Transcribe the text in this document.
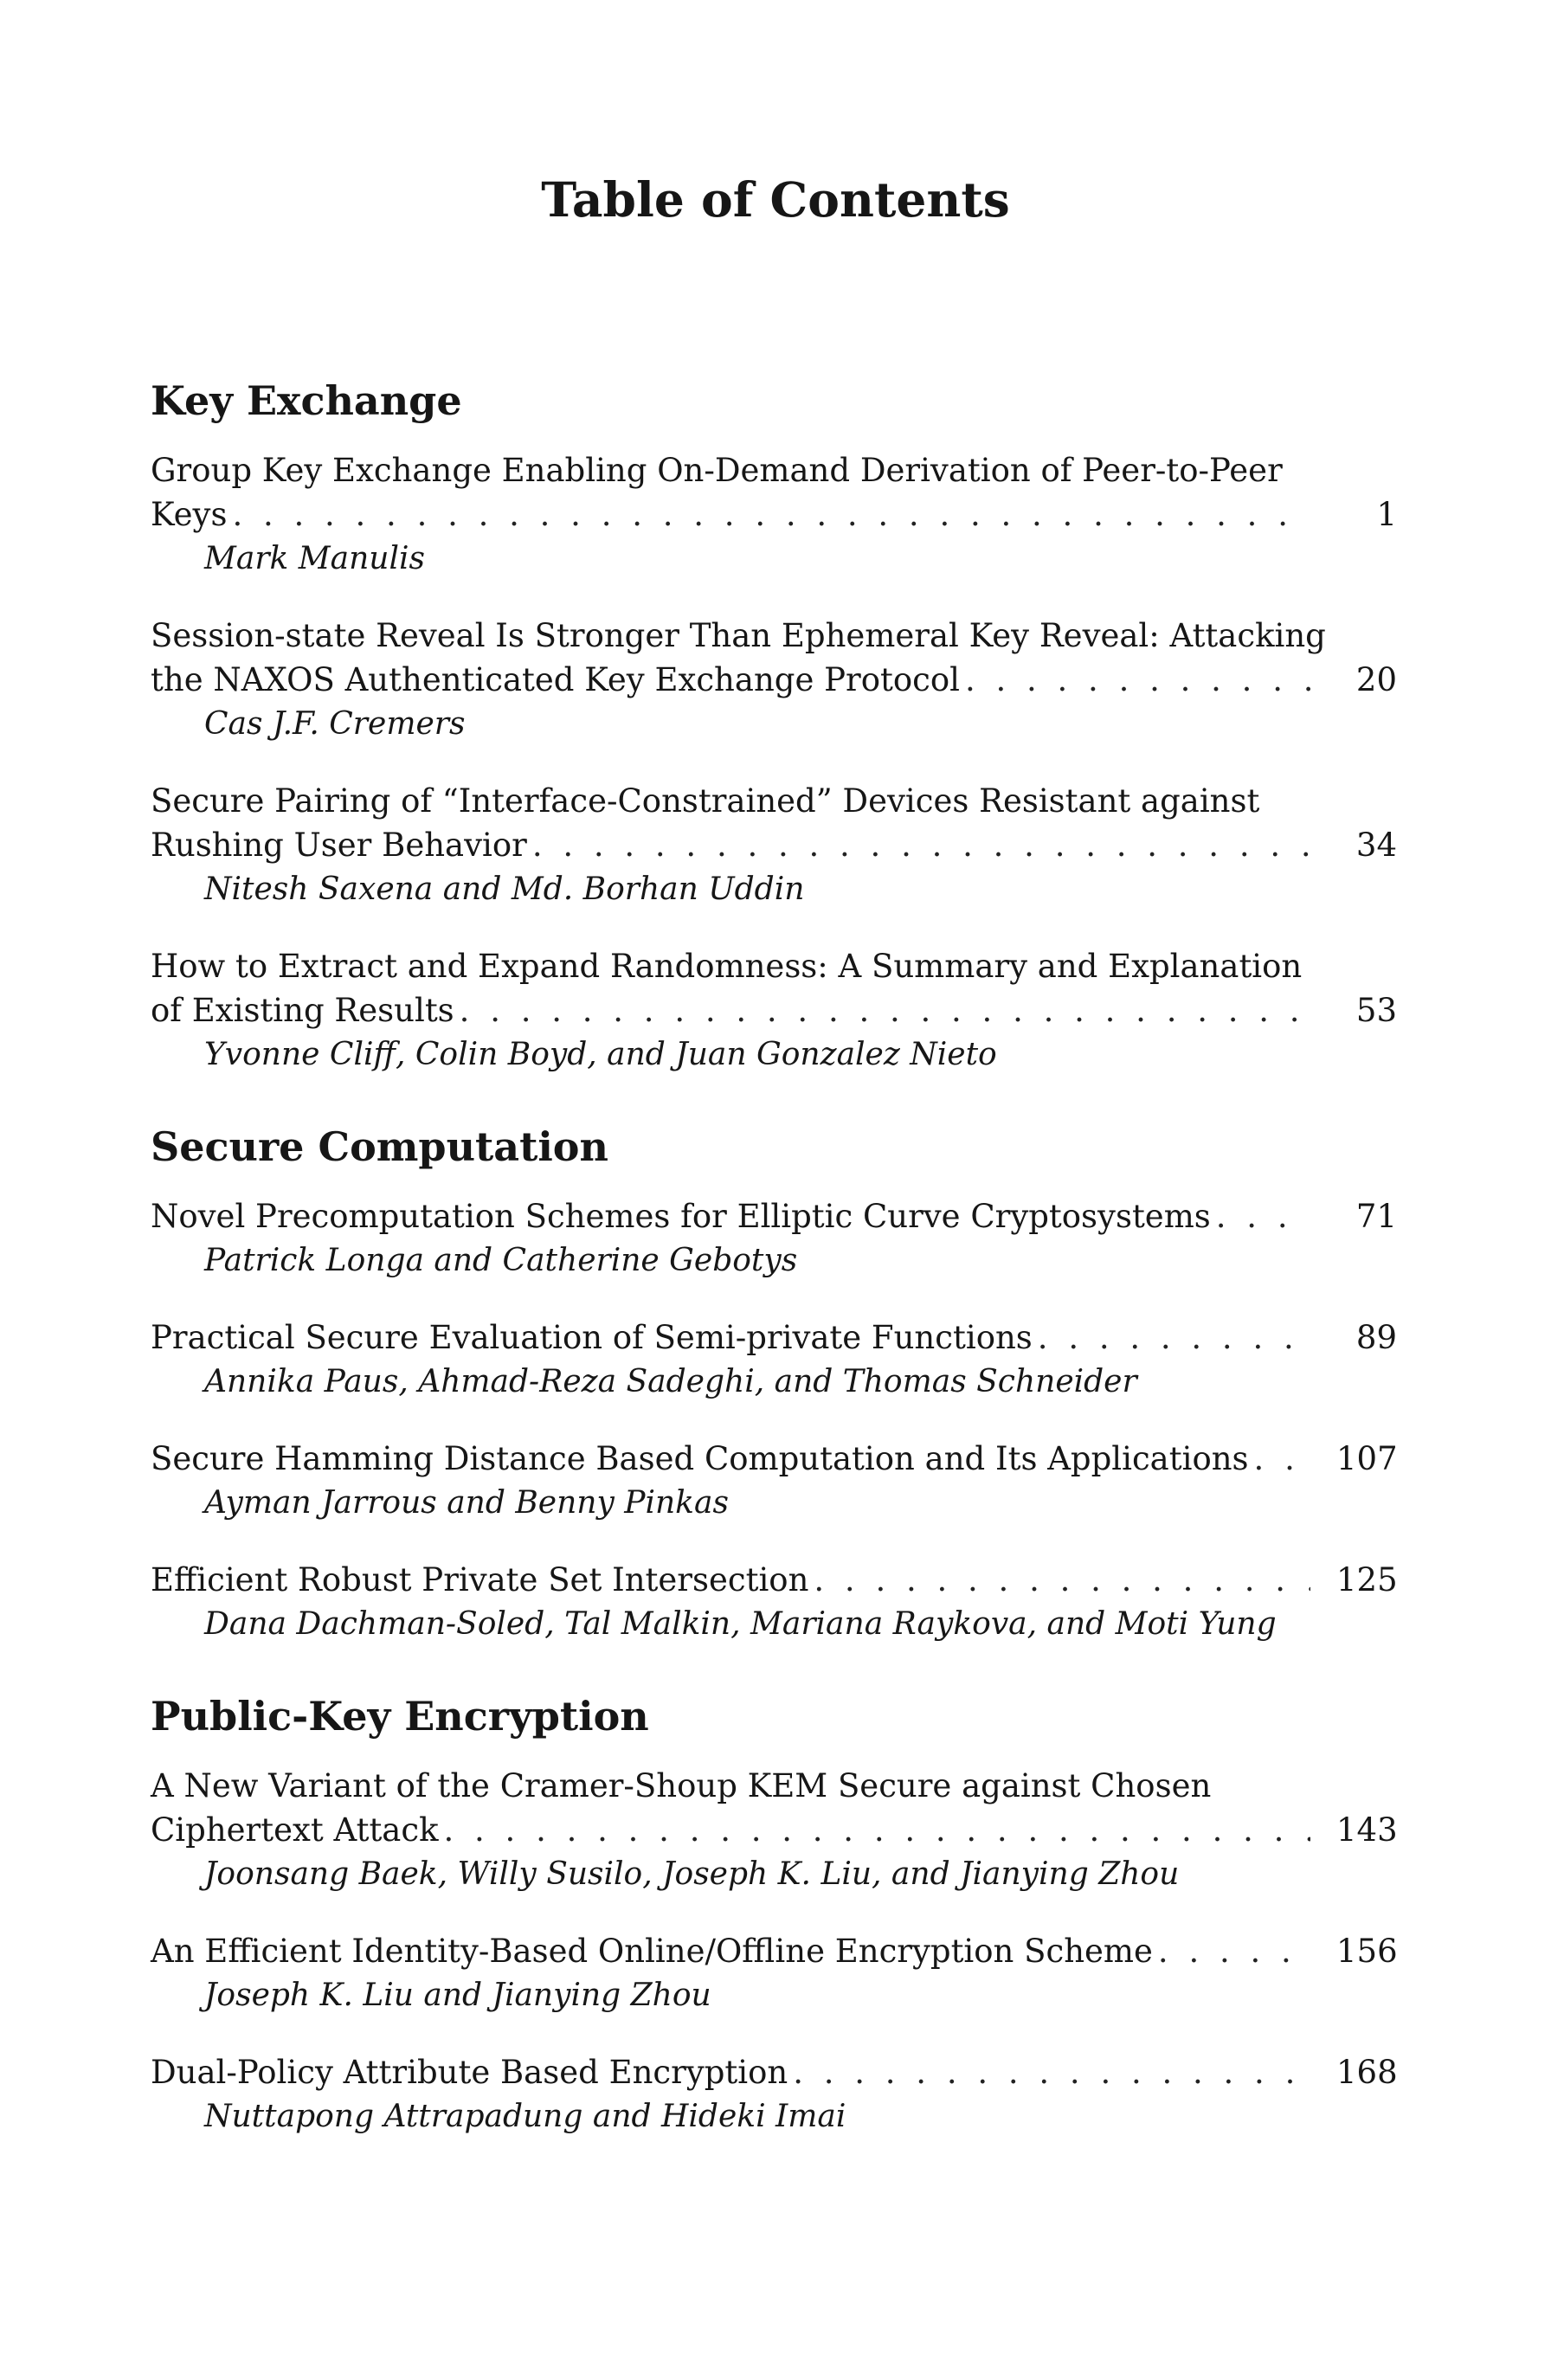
Table of Contents
Key Exchange
Group Key Exchange Enabling On-Demand Derivation of Peer-to-Peer
Keys . . .	1
Mark Manulis
Session-state Reveal Is Stronger Than Ephemeral Key Reveal: Attacking
the NAXOS Authenticated Key Exchange Protocol . . .	20
Cas J.F. Cremers
Secure Pairing of “Interface-Constrained” Devices Resistant against
Rushing User Behavior . . .	34
Nitesh Saxena and Md. Borhan Uddin
How to Extract and Expand Randomness: A Summary and Explanation
of Existing Results . . .	53
Yvonne Cliff, Colin Boyd, and Juan Gonzalez Nieto
Secure Computation
Novel Precomputation Schemes for Elliptic Curve Cryptosystems . . .	71
Patrick Longa and Catherine Gebotys
Practical Secure Evaluation of Semi-private Functions . . .	89
Annika Paus, Ahmad-Reza Sadeghi, and Thomas Schneider
Secure Hamming Distance Based Computation and Its Applications . . .	107
Ayman Jarrous and Benny Pinkas
Efficient Robust Private Set Intersection . . .	125
Dana Dachman-Soled, Tal Malkin, Mariana Raykova, and Moti Yung
Public-Key Encryption
A New Variant of the Cramer-Shoup KEM Secure against Chosen
Ciphertext Attack . . .	143
Joonsang Baek, Willy Susilo, Joseph K. Liu, and Jianying Zhou
An Efficient Identity-Based Online/Offline Encryption Scheme . . .	156
Joseph K. Liu and Jianying Zhou
Dual-Policy Attribute Based Encryption . . .	168
Nuttapong Attrapadung and Hideki Imai
